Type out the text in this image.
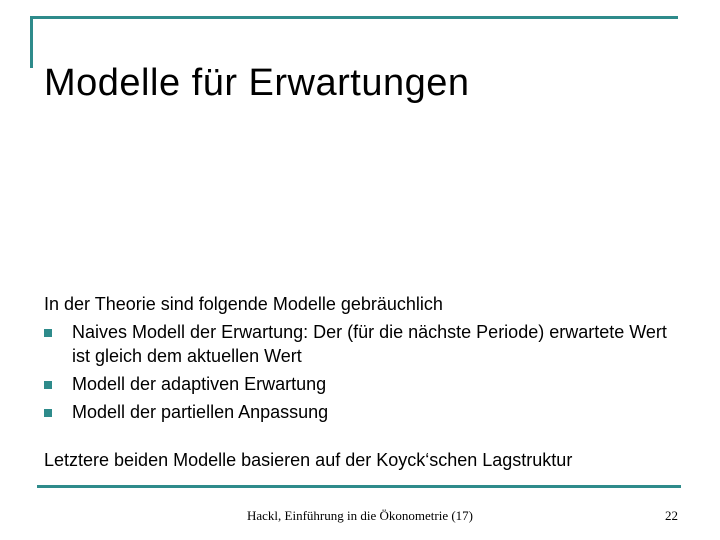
Modelle für Erwartungen

In der Theorie sind folgende Modelle gebräuchlich

Naives Modell der Erwartung: Der (für die nächste Periode) erwartete Wert ist gleich dem aktuellen Wert
Modell der adaptiven Erwartung
Modell der partiellen Anpassung

Letztere beiden Modelle basieren auf der Koyck‘schen Lagstruktur

Hackl, Einführung in die Ökonometrie (17)	22
